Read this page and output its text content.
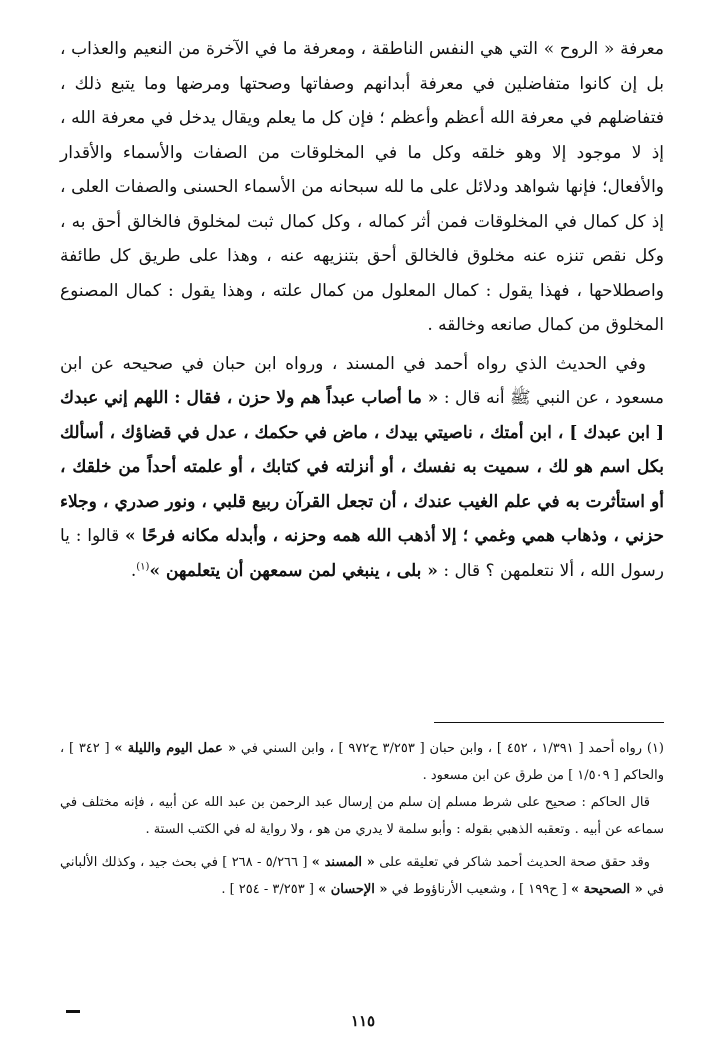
معرفة « الروح » التي هي النفس الناطقة ، ومعرفة ما في الآخرة من النعيم والعذاب ، بل إن كانوا متفاضلين في معرفة أبدانهم وصفاتها وصحتها ومرضها وما يتبع ذلك ، فتفاضلهم في معرفة الله أعظم وأعظم ؛ فإن كل ما يعلم ويقال يدخل في معرفة الله ، إذ لا موجود إلا وهو خلقه وكل ما في المخلوقات من الصفات والأسماء والأقدار والأفعال؛ فإنها شواهد ودلائل على ما لله سبحانه من الأسماء الحسنى والصفات العلى ، إذ كل كمال في المخلوقات فمن أثر كماله ، وكل كمال ثبت لمخلوق فالخالق أحق به ، وكل نقص تنزه عنه مخلوق فالخالق أحق بتنزيهه عنه ، وهذا على طريق كل طائفة واصطلاحها ، فهذا يقول : كمال المعلول من كمال علته ، وهذا يقول : كمال المصنوع المخلوق من كمال صانعه وخالقه .

وفي الحديث الذي رواه أحمد في المسند ، ورواه ابن حبان في صحيحه عن ابن مسعود ، عن النبي ﷺ أنه قال : « ما أصاب عبداً هم ولا حزن ، فقال : اللهم إني عبدك [ ابن عبدك ] ، ابن أمتك ، ناصيتي بيدك ، ماض في حكمك ، عدل في قضاؤك ، أسألك بكل اسم هو لك ، سميت به نفسك ، أو أنزلته في كتابك ، أو علمته أحداً من خلقك ، أو استأثرت به في علم الغيب عندك ، أن تجعل القرآن ربيع قلبي ، ونور صدري ، وجلاء حزني ، وذهاب همي وغمي ؛ إلا أذهب الله همه وحزنه ، وأبدله مكانه فرحًا » قالوا : يا رسول الله ، ألا نتعلمهن ؟ قال : « بلى ، ينبغي لمن سمعهن أن يتعلمهن »$^{(١)}$.

(١) رواه أحمد [ ١/٣٩١ ، ٤٥٢ ] ، وابن حبان [ ٣/٢٥٣ ح٩٧٢ ] ، وابن السني في « عمل اليوم والليلة » [ ٣٤٢ ] ، والحاكم [ ١/٥٠٩ ] من طرق عن ابن مسعود .

قال الحاكم : صحيح على شرط مسلم إن سلم من إرسال عبد الرحمن بن عبد الله عن أبيه ، فإنه مختلف في سماعه عن أبيه . وتعقبه الذهبي بقوله : وأبو سلمة لا يدري من هو ، ولا رواية له في الكتب الستة .

وقد حقق صحة الحديث أحمد شاكر في تعليقه على « المسند » [ ٥/٢٦٦ - ٢٦٨ ] في بحث جيد ، وكذلك الألباني في « الصحيحة » [ ح١٩٩ ] ، وشعيب الأرناؤوط في « الإحسان » [ ٣/٢٥٣ - ٢٥٤ ] .

١١٥
